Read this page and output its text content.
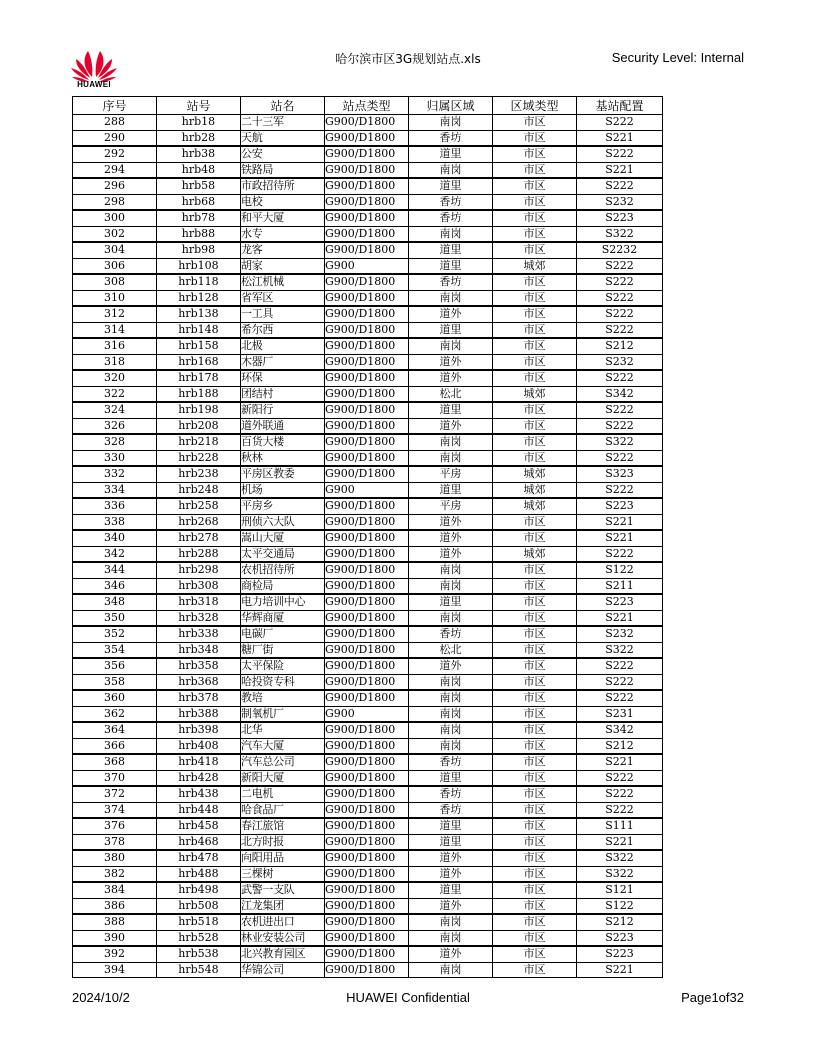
HUAWEI
哈尔滨市区3G规划站点.xls	Security Level: Internal
序号	站号	站名	站点类型	归属区域	区域类型	基站配置
288	hrb18	二十三军	G900/D1800	南岗	市区	S222
290	hrb28	天航	G900/D1800	香坊	市区	S221
292	hrb38	公安	G900/D1800	道里	市区	S222
294	hrb48	铁路局	G900/D1800	南岗	市区	S221
296	hrb58	市政招待所	G900/D1800	道里	市区	S222
298	hrb68	电校	G900/D1800	香坊	市区	S232
300	hrb78	和平大厦	G900/D1800	香坊	市区	S223
302	hrb88	水专	G900/D1800	南岗	市区	S322
304	hrb98	龙客	G900/D1800	道里	市区	S2232
306	hrb108	胡家	G900	道里	城郊	S222
308	hrb118	松江机械	G900/D1800	香坊	市区	S222
310	hrb128	省军区	G900/D1800	南岗	市区	S222
312	hrb138	一工具	G900/D1800	道外	市区	S222
314	hrb148	希尔西	G900/D1800	道里	市区	S222
316	hrb158	北极	G900/D1800	南岗	市区	S212
318	hrb168	木器厂	G900/D1800	道外	市区	S232
320	hrb178	环保	G900/D1800	道外	市区	S222
322	hrb188	团结村	G900/D1800	松北	城郊	S342
324	hrb198	新阳行	G900/D1800	道里	市区	S222
326	hrb208	道外联通	G900/D1800	道外	市区	S222
328	hrb218	百货大楼	G900/D1800	南岗	市区	S322
330	hrb228	秋林	G900/D1800	南岗	市区	S222
332	hrb238	平房区教委	G900/D1800	平房	城郊	S323
334	hrb248	机场	G900	道里	城郊	S222
336	hrb258	平房乡	G900/D1800	平房	城郊	S223
338	hrb268	刑侦六大队	G900/D1800	道外	市区	S221
340	hrb278	嵩山大厦	G900/D1800	道外	市区	S221
342	hrb288	太平交通局	G900/D1800	道外	城郊	S222
344	hrb298	农机招待所	G900/D1800	南岗	市区	S122
346	hrb308	商检局	G900/D1800	南岗	市区	S211
348	hrb318	电力培训中心	G900/D1800	道里	市区	S223
350	hrb328	华辉商厦	G900/D1800	南岗	市区	S221
352	hrb338	电碳厂	G900/D1800	香坊	市区	S232
354	hrb348	糖厂街	G900/D1800	松北	市区	S322
356	hrb358	太平保险	G900/D1800	道外	市区	S222
358	hrb368	哈投资专科	G900/D1800	南岗	市区	S222
360	hrb378	教培	G900/D1800	南岗	市区	S222
362	hrb388	制氧机厂	G900	南岗	市区	S231
364	hrb398	北华	G900/D1800	南岗	市区	S342
366	hrb408	汽车大厦	G900/D1800	南岗	市区	S212
368	hrb418	汽车总公司	G900/D1800	香坊	市区	S221
370	hrb428	新阳大厦	G900/D1800	道里	市区	S222
372	hrb438	二电机	G900/D1800	香坊	市区	S222
374	hrb448	哈食品厂	G900/D1800	香坊	市区	S222
376	hrb458	春江旅馆	G900/D1800	道里	市区	S111
378	hrb468	北方时报	G900/D1800	道里	市区	S221
380	hrb478	向阳用品	G900/D1800	道外	市区	S322
382	hrb488	三棵树	G900/D1800	道外	市区	S322
384	hrb498	武警一支队	G900/D1800	道里	市区	S121
386	hrb508	江龙集团	G900/D1800	道外	市区	S122
388	hrb518	农机进出口	G900/D1800	南岗	市区	S212
390	hrb528	林业安装公司	G900/D1800	南岗	市区	S223
392	hrb538	北兴教育园区	G900/D1800	道外	市区	S223
394	hrb548	华锦公司	G900/D1800	南岗	市区	S221
2024/10/2	HUAWEI Confidential	Page1of32
